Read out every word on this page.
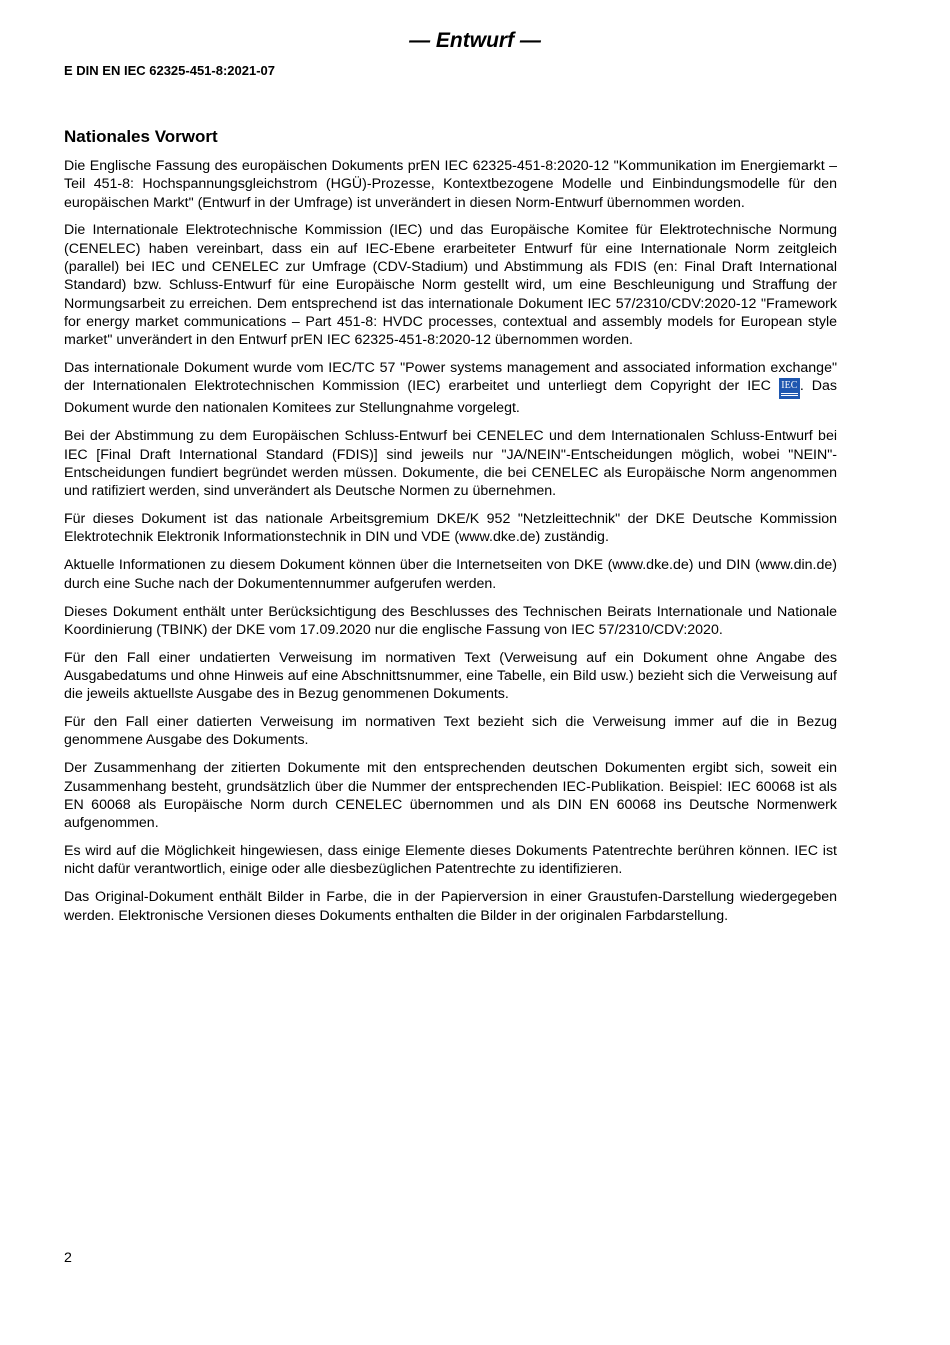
— Entwurf —
E DIN EN IEC 62325-451-8:2021-07
Nationales Vorwort

Die Englische Fassung des europäischen Dokuments prEN IEC 62325-451-8:2020-12 "Kommunikation im Energiemarkt – Teil 451-8: Hochspannungsgleichstrom (HGÜ)-Prozesse, Kontextbezogene Modelle und Einbindungsmodelle für den europäischen Markt" (Entwurf in der Umfrage) ist unverändert in diesen Norm-Entwurf übernommen worden.

Die Internationale Elektrotechnische Kommission (IEC) und das Europäische Komitee für Elektrotechnische Normung (CENELEC) haben vereinbart, dass ein auf IEC-Ebene erarbeiteter Entwurf für eine Internationale Norm zeitgleich (parallel) bei IEC und CENELEC zur Umfrage (CDV-Stadium) und Abstimmung als FDIS (en: Final Draft International Standard) bzw. Schluss-Entwurf für eine Europäische Norm gestellt wird, um eine Beschleunigung und Straffung der Normungsarbeit zu erreichen. Dem entsprechend ist das internationale Dokument IEC 57/2310/CDV:2020-12 "Framework for energy market communications – Part 451-8: HVDC processes, contextual and assembly models for European style market" unverändert in den Entwurf prEN IEC 62325-451-8:2020-12 übernommen worden.

Das internationale Dokument wurde vom IEC/TC 57 "Power systems management and associated information exchange" der Internationalen Elektrotechnischen Kommission (IEC) erarbeitet und unterliegt dem Copyright der IEC IEC . Das Dokument wurde den nationalen Komitees zur Stellungnahme vorgelegt.

Bei der Abstimmung zu dem Europäischen Schluss-Entwurf bei CENELEC und dem Internationalen Schluss-Entwurf bei IEC [Final Draft International Standard (FDIS)] sind jeweils nur "JA/NEIN"-Entscheidungen möglich, wobei "NEIN"-Entscheidungen fundiert begründet werden müssen. Dokumente, die bei CENELEC als Europäische Norm angenommen und ratifiziert werden, sind unverändert als Deutsche Normen zu übernehmen.

Für dieses Dokument ist das nationale Arbeitsgremium DKE/K 952 "Netzleittechnik" der DKE Deutsche Kommission Elektrotechnik Elektronik Informationstechnik in DIN und VDE (www.dke.de) zuständig.

Aktuelle Informationen zu diesem Dokument können über die Internetseiten von DKE (www.dke.de) und DIN (www.din.de) durch eine Suche nach der Dokumentennummer aufgerufen werden.

Dieses Dokument enthält unter Berücksichtigung des Beschlusses des Technischen Beirats Internationale und Nationale Koordinierung (TBINK) der DKE vom 17.09.2020 nur die englische Fassung von IEC 57/2310/CDV:2020.

Für den Fall einer undatierten Verweisung im normativen Text (Verweisung auf ein Dokument ohne Angabe des Ausgabedatums und ohne Hinweis auf eine Abschnittsnummer, eine Tabelle, ein Bild usw.) bezieht sich die Verweisung auf die jeweils aktuellste Ausgabe des in Bezug genommenen Dokuments.

Für den Fall einer datierten Verweisung im normativen Text bezieht sich die Verweisung immer auf die in Bezug genommene Ausgabe des Dokuments.

Der Zusammenhang der zitierten Dokumente mit den entsprechenden deutschen Dokumenten ergibt sich, soweit ein Zusammenhang besteht, grundsätzlich über die Nummer der entsprechenden IEC-Publikation. Beispiel: IEC 60068 ist als EN 60068 als Europäische Norm durch CENELEC übernommen und als DIN EN 60068 ins Deutsche Normenwerk aufgenommen.

Es wird auf die Möglichkeit hingewiesen, dass einige Elemente dieses Dokuments Patentrechte berühren können. IEC ist nicht dafür verantwortlich, einige oder alle diesbezüglichen Patentrechte zu identifizieren.

Das Original-Dokument enthält Bilder in Farbe, die in der Papierversion in einer Graustufen-Darstellung wiedergegeben werden. Elektronische Versionen dieses Dokuments enthalten die Bilder in der originalen Farbdarstellung.

2
